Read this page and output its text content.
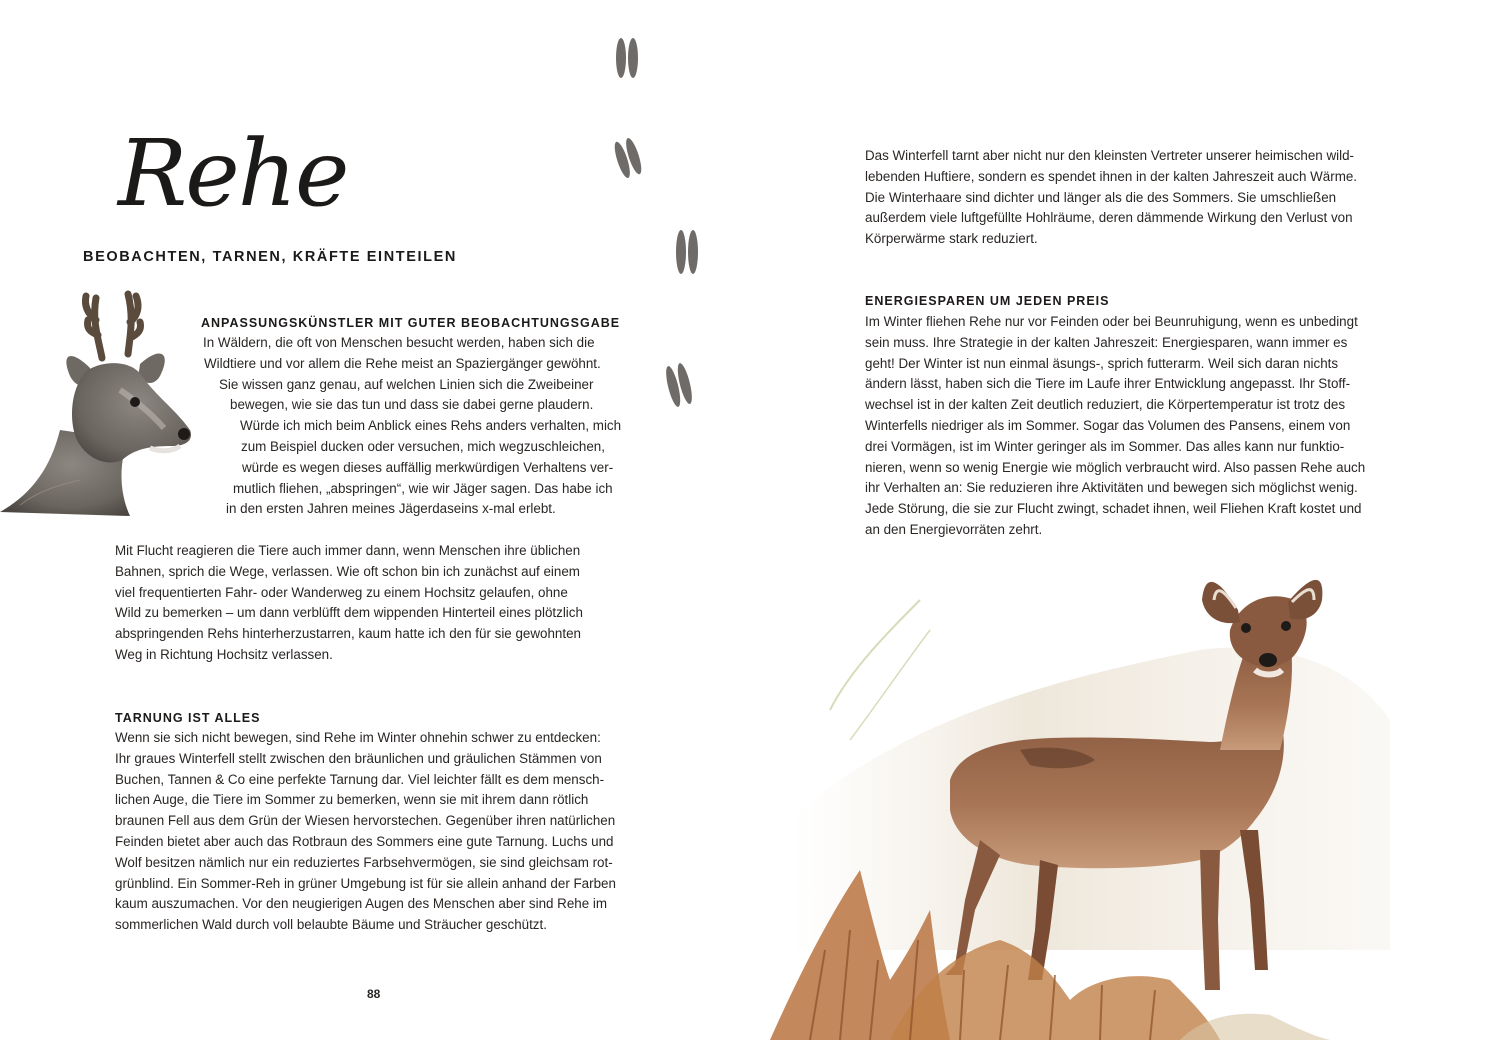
Rehe
BEOBACHTEN, TARNEN, KRÄFTE EINTEILEN
ANPASSUNGSKÜNSTLER MIT GUTER BEOBACHTUNGSGABE
In Wäldern, die oft von Menschen besucht werden, haben sich die
Wildtiere und vor allem die Rehe meist an Spaziergänger gewöhnt.
Sie wissen ganz genau, auf welchen Linien sich die Zweibeiner
bewegen, wie sie das tun und dass sie dabei gerne plaudern.
Würde ich mich beim Anblick eines Rehs anders verhalten, mich
zum Beispiel ducken oder versuchen, mich wegzuschleichen,
würde es wegen dieses auffällig merkwürdigen Verhaltens ver-
mutlich fliehen, „abspringen“, wie wir Jäger sagen. Das habe ich
in den ersten Jahren meines Jägerdaseins x-mal erlebt.
Mit Flucht reagieren die Tiere auch immer dann, wenn Menschen ihre üblichen
Bahnen, sprich die Wege, verlassen. Wie oft schon bin ich zunächst auf einem
viel frequentierten Fahr- oder Wanderweg zu einem Hochsitz gelaufen, ohne
Wild zu bemerken – um dann verblüfft dem wippenden Hinterteil eines plötzlich
abspringenden Rehs hinterherzustarren, kaum hatte ich den für sie gewohnten
Weg in Richtung Hochsitz verlassen.
TARNUNG IST ALLES
Wenn sie sich nicht bewegen, sind Rehe im Winter ohnehin schwer zu entdecken:
Ihr graues Winterfell stellt zwischen den bräunlichen und gräulichen Stämmen von
Buchen, Tannen & Co eine perfekte Tarnung dar. Viel leichter fällt es dem mensch-
lichen Auge, die Tiere im Sommer zu bemerken, wenn sie mit ihrem dann rötlich
braunen Fell aus dem Grün der Wiesen hervorstechen. Gegenüber ihren natürlichen
Feinden bietet aber auch das Rotbraun des Sommers eine gute Tarnung. Luchs und
Wolf besitzen nämlich nur ein reduziertes Farbsehvermögen, sie sind gleichsam rot-
grünblind. Ein Sommer-Reh in grüner Umgebung ist für sie allein anhand der Farben
kaum auszumachen. Vor den neugierigen Augen des Menschen aber sind Rehe im
sommerlichen Wald durch voll belaubte Bäume und Sträucher geschützt.

88

Das Winterfell tarnt aber nicht nur den kleinsten Vertreter unserer heimischen wild-
lebenden Huftiere, sondern es spendet ihnen in der kalten Jahreszeit auch Wärme.
Die Winterhaare sind dichter und länger als die des Sommers. Sie umschließen
außerdem viele luftgefüllte Hohlräume, deren dämmende Wirkung den Verlust von
Körperwärme stark reduziert.
ENERGIESPAREN UM JEDEN PREIS
Im Winter fliehen Rehe nur vor Feinden oder bei Beunruhigung, wenn es unbedingt
sein muss. Ihre Strategie in der kalten Jahreszeit: Energiesparen, wann immer es
geht! Der Winter ist nun einmal äsungs-, sprich futterarm. Weil sich daran nichts
ändern lässt, haben sich die Tiere im Laufe ihrer Entwicklung angepasst. Ihr Stoff-
wechsel ist in der kalten Zeit deutlich reduziert, die Körpertemperatur ist trotz des
Winterfells niedriger als im Sommer. Sogar das Volumen des Pansens, einem von
drei Vormägen, ist im Winter geringer als im Sommer. Das alles kann nur funktio-
nieren, wenn so wenig Energie wie möglich verbraucht wird. Also passen Rehe auch
ihr Verhalten an: Sie reduzieren ihre Aktivitäten und bewegen sich möglichst wenig.
Jede Störung, die sie zur Flucht zwingt, schadet ihnen, weil Fliehen Kraft kostet und
an den Energievorräten zehrt.
